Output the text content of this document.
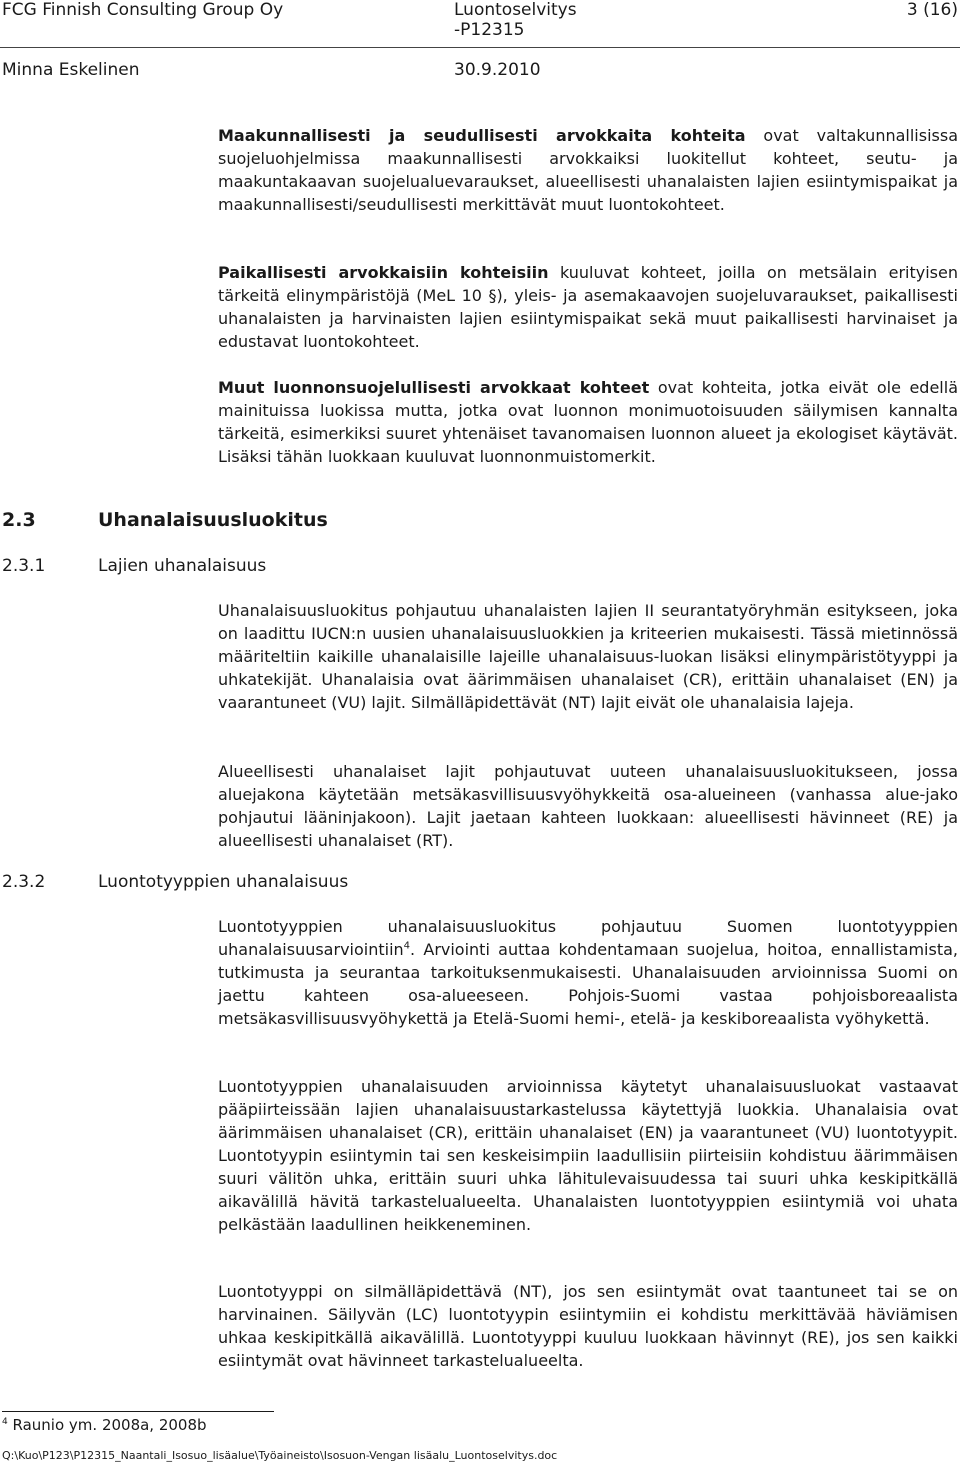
FCG Finnish Consulting Group Oy	Luontoselvitys
-P12315
3 (16)
Minna Eskelinen	30.9.2010

Maakunnallisesti ja seudullisesti arvokkaita kohteita ovat valtakunnallisissa suojeluohjelmissa maakunnallisesti arvokkaiksi luokitellut kohteet, seutu- ja maakuntakaavan suojelualuevaraukset, alueellisesti uhanalaisten lajien esiintymispaikat ja maakunnallisesti/seudullisesti merkittävät muut luontokohteet.

Paikallisesti arvokkaisiin kohteisiin kuuluvat kohteet, joilla on metsälain erityisen tärkeitä elinympäristöjä (MeL 10 §), yleis- ja asemakaavojen suojeluvaraukset, paikallisesti uhanalaisten ja harvinaisten lajien esiintymispaikat sekä muut paikallisesti harvinaiset ja edustavat luontokohteet.

Muut luonnonsuojelullisesti arvokkaat kohteet ovat kohteita, jotka eivät ole edellä mainituissa luokissa mutta, jotka ovat luonnon monimuotoisuuden säilymisen kannalta tärkeitä, esimerkiksi suuret yhtenäiset tavanomaisen luonnon alueet ja ekologiset käytävät. Lisäksi tähän luokkaan kuuluvat luonnonmuistomerkit.

2.3	Uhanalaisuusluokitus
2.3.1	Lajien uhanalaisuus

Uhanalaisuusluokitus pohjautuu uhanalaisten lajien II seurantatyöryhmän esitykseen, joka on laadittu IUCN:n uusien uhanalaisuusluokkien ja kriteerien mukaisesti. Tässä mietinnössä määriteltiin kaikille uhanalaisille lajeille uhanalaisuus-luokan lisäksi elinympäristötyyppi ja uhkatekijät. Uhanalaisia ovat äärimmäisen uhanalaiset (CR), erittäin uhanalaiset (EN) ja vaarantuneet (VU) lajit. Silmälläpidettävät (NT) lajit eivät ole uhanalaisia lajeja.

Alueellisesti uhanalaiset lajit pohjautuvat uuteen uhanalaisuusluokitukseen, jossa aluejakona käytetään metsäkasvillisuusvyöhykkeitä osa-alueineen (vanhassa alue-jako pohjautui lääninjakoon). Lajit jaetaan kahteen luokkaan: alueellisesti hävinneet (RE) ja alueellisesti uhanalaiset (RT).

2.3.2	Luontotyyppien uhanalaisuus

Luontotyyppien uhanalaisuusluokitus pohjautuu Suomen luontotyyppien uhanalaisuusarviointiin$^4$. Arviointi auttaa kohdentamaan suojelua, hoitoa, ennallistamista, tutkimusta ja seurantaa tarkoituksenmukaisesti. Uhanalaisuuden arvioinnissa Suomi on jaettu kahteen osa-alueeseen. Pohjois-Suomi vastaa pohjoisboreaalista metsäkasvillisuusvyöhykettä ja Etelä-Suomi hemi-, etelä- ja keskiboreaalista vyöhykettä.

Luontotyyppien uhanalaisuuden arvioinnissa käytetyt uhanalaisuusluokat vastaavat pääpiirteissään lajien uhanalaisuustarkastelussa käytettyjä luokkia. Uhanalaisia ovat äärimmäisen uhanalaiset (CR), erittäin uhanalaiset (EN) ja vaarantuneet (VU) luontotyypit. Luontotyypin esiintymin tai sen keskeisimpiin laadullisiin piirteisiin kohdistuu äärimmäisen suuri välitön uhka, erittäin suuri uhka lähitulevaisuudessa tai suuri uhka keskipitkällä aikavälillä hävitä tarkastelualueelta. Uhanalaisten luontotyyppien esiintymiä voi uhata pelkästään laadullinen heikkeneminen.

Luontotyyppi on silmälläpidettävä (NT), jos sen esiintymät ovat taantuneet tai se on harvinainen. Säilyvän (LC) luontotyypin esiintymiin ei kohdistu merkittävää häviämisen uhkaa keskipitkällä aikavälillä. Luontotyyppi kuuluu luokkaan hävinnyt (RE), jos sen kaikki esiintymät ovat hävinneet tarkastelualueelta.

$^4$ Raunio ym. 2008a, 2008b
Q:\Kuo\P123\P12315_Naantali_Isosuo_lisäalue\Työaineisto\Isosuon-Vengan lisäalu_Luontoselvitys.doc
